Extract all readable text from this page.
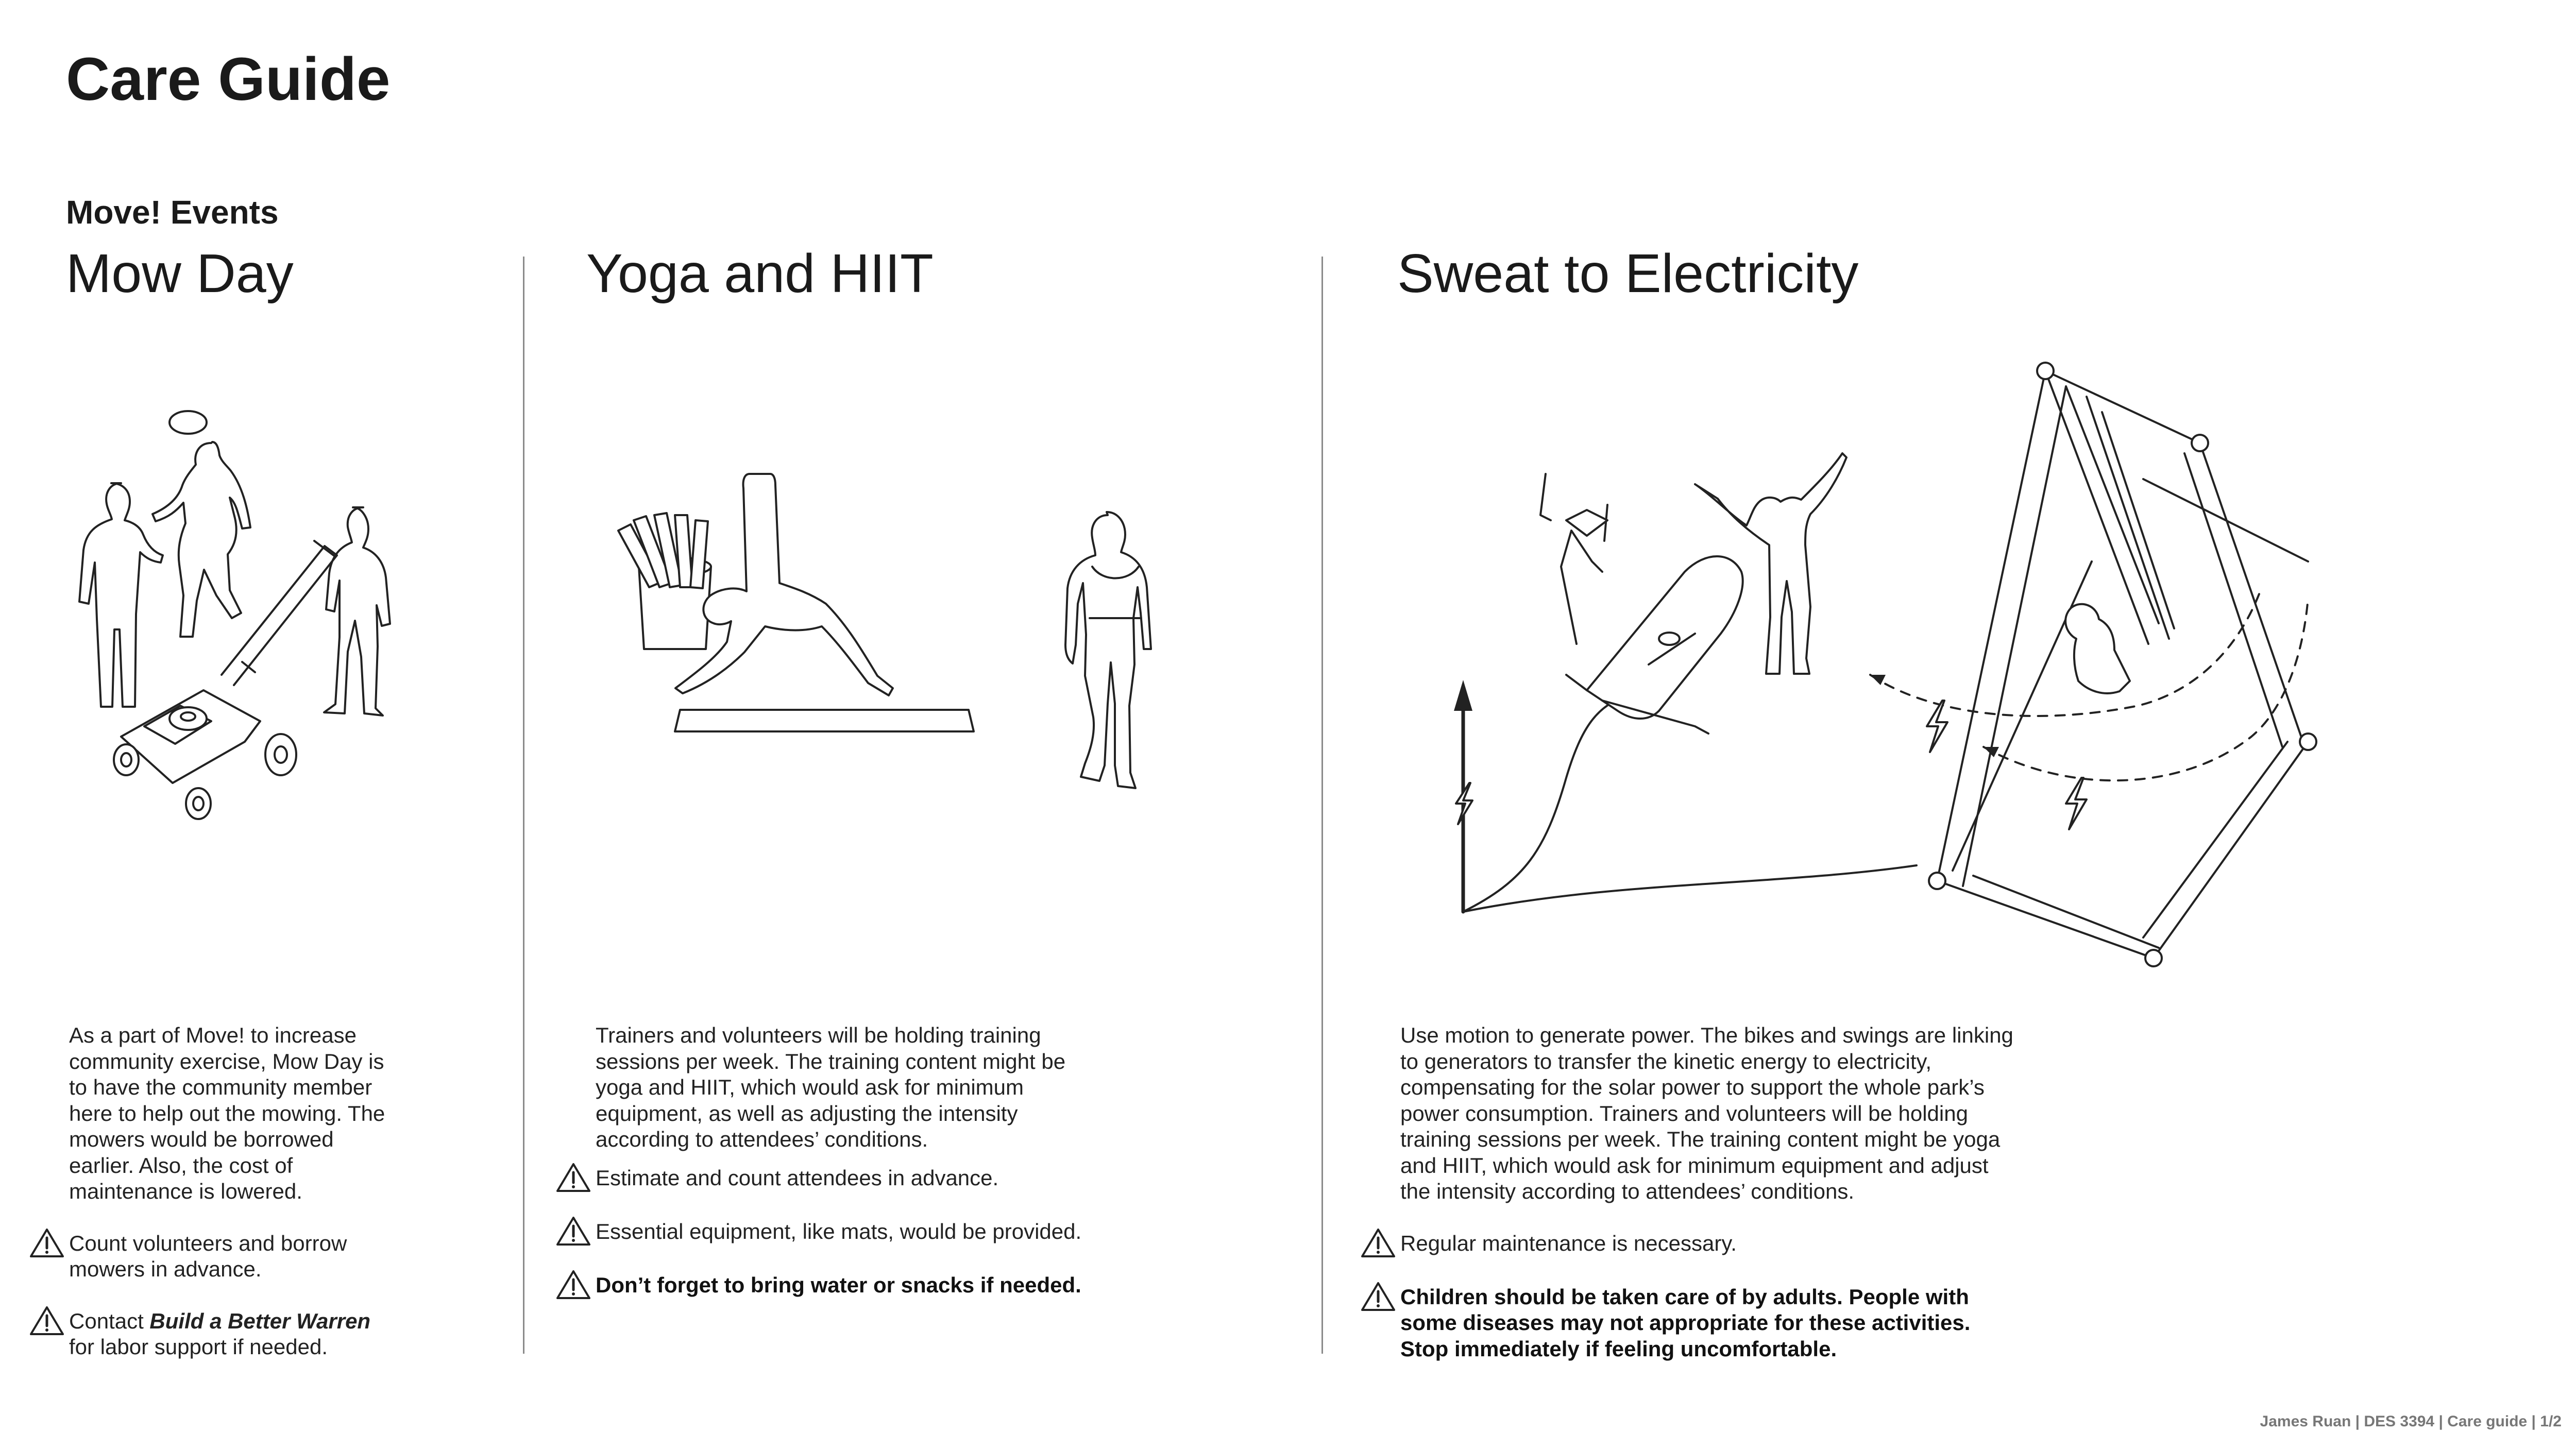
Care Guide
Move! Events
Mow Day	Yoga and HIIT	Sweat to Electricity

As a part of Move! to increase community exercise, Mow Day is to have the community member here to help out the mowing. The mowers would be borrowed earlier. Also, the cost of maintenance is lowered.

Count volunteers and borrow mowers in advance.
Contact Build a Better Warren for labor support if needed.

Trainers and volunteers will be holding training sessions per week. The training content might be yoga and HIIT, which would ask for minimum equipment, as well as adjusting the intensity according to attendees’ conditions.

Estimate and count attendees in advance.
Essential equipment, like mats, would be provided.
Don’t forget to bring water or snacks if needed.

Use motion to generate power. The bikes and swings are linking to generators to transfer the kinetic energy to electricity, compensating for the solar power to support the whole park’s power consumption. Trainers and volunteers will be holding training sessions per week. The training content might be yoga and HIIT, which would ask for minimum equipment and adjust the intensity according to attendees’ conditions.

Regular maintenance is necessary.
Children should be taken care of by adults. People with some diseases may not appropriate for these activities. Stop immediately if feeling uncomfortable.
James Ruan | DES 3394 | Care guide | 1/2
